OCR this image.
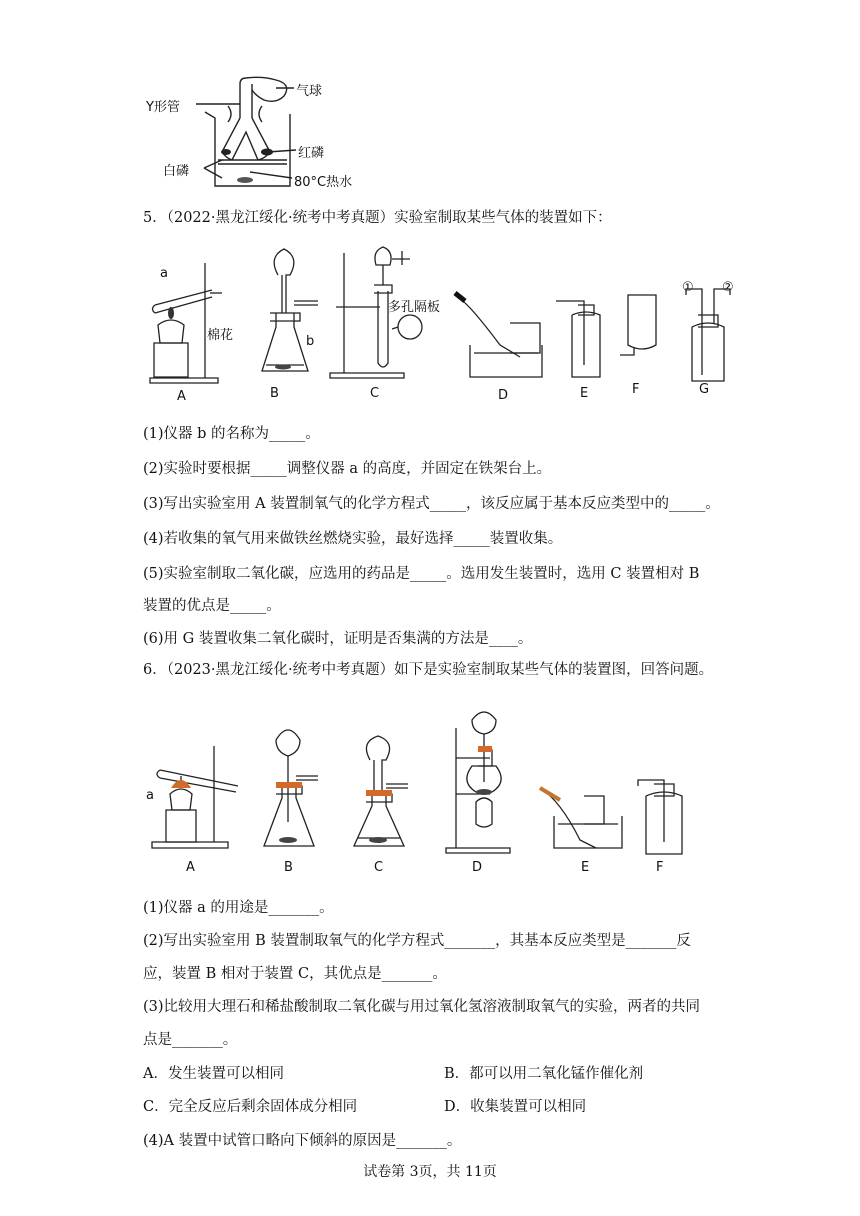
Y形管
气球
红磷
白磷
80°C热水
5．（2022·黑龙江绥化·统考中考真题）实验室制取某些气体的装置如下：
a
棉花	b
多孔隔板
① ②
A	B	C	D	E	F	G
(1)仪器 b 的名称为_____。
(2)实验时要根据_____调整仪器 a 的高度，并固定在铁架台上。
(3)写出实验室用 A 装置制氧气的化学方程式_____，该反应属于基本反应类型中的_____。
(4)若收集的氧气用来做铁丝燃烧实验，最好选择_____装置收集。
(5)实验室制取二氧化碳，应选用的药品是_____。选用发生装置时，选用 C 装置相对 B
装置的优点是_____。
(6)用 G 装置收集二氧化碳时，证明是否集满的方法是____。
6．（2023·黑龙江绥化·统考中考真题）如下是实验室制取某些气体的装置图，回答问题。
a
A	B	C	D	E	F
(1)仪器 a 的用途是_______。
(2)写出实验室用 B 装置制取氧气的化学方程式_______，其基本反应类型是_______反
应，装置 B 相对于装置 C，其优点是_______。
(3)比较用大理石和稀盐酸制取二氧化碳与用过氧化氢溶液制取氧气的实验，两者的共同
点是_______。
A．发生装置可以相同	B．都可以用二氧化锰作催化剂
C．完全反应后剩余固体成分相同	D．收集装置可以相同
(4)A 装置中试管口略向下倾斜的原因是_______。
试卷第 3页，共 11页
